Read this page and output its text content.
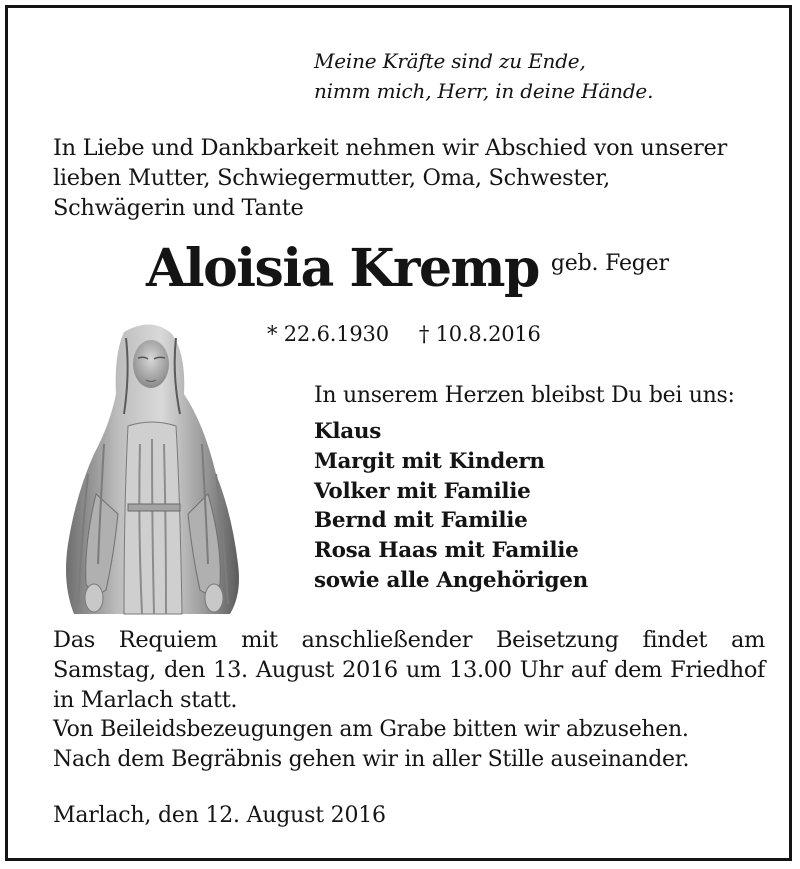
Meine Kräfte sind zu Ende,
nimm mich, Herr, in deine Hände.
In Liebe und Dankbarkeit nehmen wir Abschied von unserer
lieben Mutter, Schwiegermutter, Oma, Schwester,
Schwägerin und Tante
Aloisia Kremp geb. Feger
* 22.6.1930 † 10.8.2016
In unserem Herzen bleibst Du bei uns:
Klaus
Margit mit Kindern
Volker mit Familie
Bernd mit Familie
Rosa Haas mit Familie
sowie alle Angehörigen
Das Requiem mit anschließender Beisetzung findet am
Samstag, den 13. August 2016 um 13.00 Uhr auf dem Friedhof
in Marlach statt.
Von Beileidsbezeugungen am Grabe bitten wir abzusehen.
Nach dem Begräbnis gehen wir in aller Stille auseinander.
Marlach, den 12. August 2016
